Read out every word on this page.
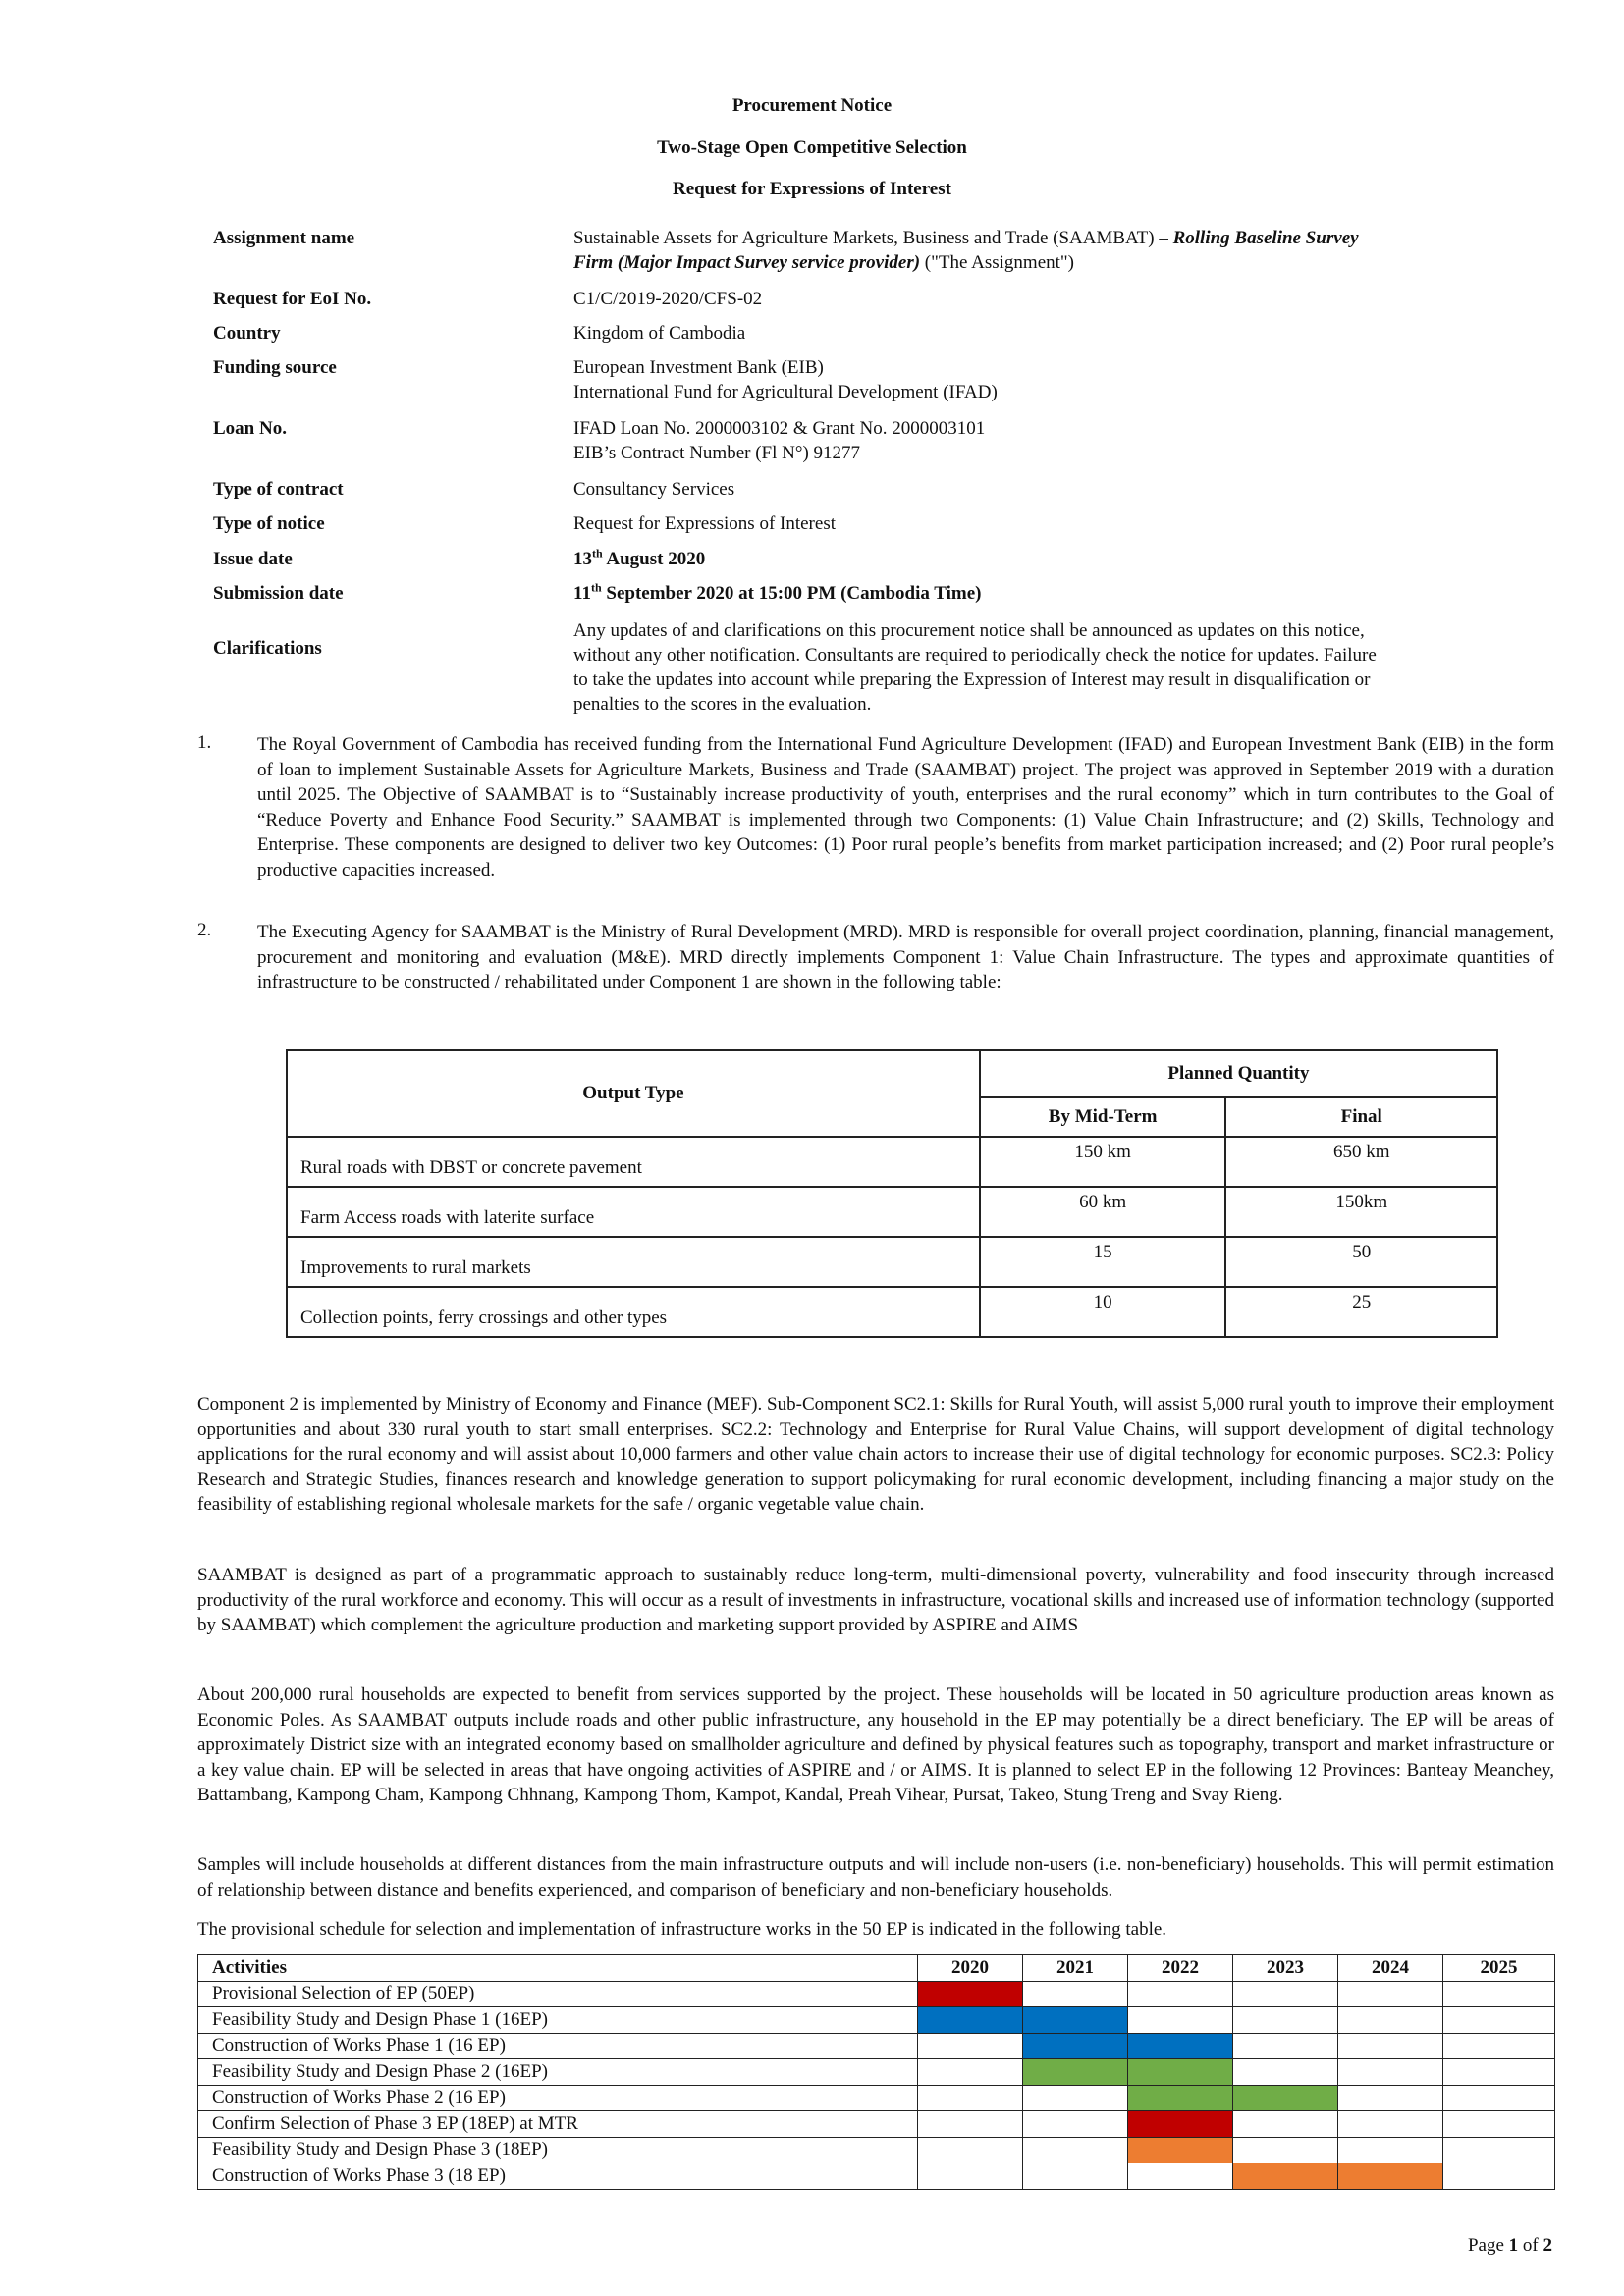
Procurement Notice
Two-Stage Open Competitive Selection
Request for Expressions of Interest
Assignment name	Sustainable Assets for Agriculture Markets, Business and Trade (SAAMBAT) – Rolling Baseline Survey
Firm (Major Impact Survey service provider) ("The Assignment")
Request for EoI No.	C1/C/2019-2020/CFS-02
Country	Kingdom of Cambodia
Funding source	European Investment Bank (EIB)
International Fund for Agricultural Development (IFAD)
Loan No.	IFAD Loan No. 2000003102 & Grant No. 2000003101
EIB’s Contract Number (Fl N°) 91277
Type of contract	Consultancy Services
Type of notice	Request for Expressions of Interest
Issue date	13th August 2020
Submission date	11th September 2020 at 15:00 PM (Cambodia Time)
Clarifications
Any updates of and clarifications on this procurement notice shall be announced as updates on this notice,
without any other notification. Consultants are required to periodically check the notice for updates. Failure
to take the updates into account while preparing the Expression of Interest may result in disqualification or
penalties to the scores in the evaluation.
1. The Royal Government of Cambodia has received funding from the International Fund Agriculture Development (IFAD) and European Investment Bank (EIB) in the form of loan to implement Sustainable Assets for Agriculture Markets, Business and Trade (SAAMBAT) project. The project was approved in September 2019 with a duration until 2025. The Objective of SAAMBAT is to “Sustainably increase productivity of youth, enterprises and the rural economy” which in turn contributes to the Goal of “Reduce Poverty and Enhance Food Security.” SAAMBAT is implemented through two Components: (1) Value Chain Infrastructure; and (2) Skills, Technology and Enterprise. These components are designed to deliver two key Outcomes: (1) Poor rural people’s benefits from market participation increased; and (2) Poor rural people’s productive capacities increased.
2. The Executing Agency for SAAMBAT is the Ministry of Rural Development (MRD). MRD is responsible for overall project coordination, planning, financial management, procurement and monitoring and evaluation (M&E). MRD directly implements Component 1: Value Chain Infrastructure. The types and approximate quantities of infrastructure to be constructed / rehabilitated under Component 1 are shown in the following table:
Output Type	Planned Quantity	
	By Mid-Term	Final
Rural roads with DBST or concrete pavement	150 km	650 km
Farm Access roads with laterite surface	60 km	150km
Improvements to rural markets	15	50
Collection points, ferry crossings and other types	10	25
Component 2 is implemented by Ministry of Economy and Finance (MEF). Sub-Component SC2.1: Skills for Rural Youth, will assist 5,000 rural youth to improve their employment opportunities and about 330 rural youth to start small enterprises. SC2.2: Technology and Enterprise for Rural Value Chains, will support development of digital technology applications for the rural economy and will assist about 10,000 farmers and other value chain actors to increase their use of digital technology for economic purposes. SC2.3: Policy Research and Strategic Studies, finances research and knowledge generation to support policymaking for rural economic development, including financing a major study on the feasibility of establishing regional wholesale markets for the safe / organic vegetable value chain.
SAAMBAT is designed as part of a programmatic approach to sustainably reduce long-term, multi-dimensional poverty, vulnerability and food insecurity through increased productivity of the rural workforce and economy. This will occur as a result of investments in infrastructure, vocational skills and increased use of information technology (supported by SAAMBAT) which complement the agriculture production and marketing support provided by ASPIRE and AIMS
About 200,000 rural households are expected to benefit from services supported by the project. These households will be located in 50 agriculture production areas known as Economic Poles. As SAAMBAT outputs include roads and other public infrastructure, any household in the EP may potentially be a direct beneficiary. The EP will be areas of approximately District size with an integrated economy based on smallholder agriculture and defined by physical features such as topography, transport and market infrastructure or a key value chain. EP will be selected in areas that have ongoing activities of ASPIRE and / or AIMS. It is planned to select EP in the following 12 Provinces: Banteay Meanchey, Battambang, Kampong Cham, Kampong Chhnang, Kampong Thom, Kampot, Kandal, Preah Vihear, Pursat, Takeo, Stung Treng and Svay Rieng.
Samples will include households at different distances from the main infrastructure outputs and will include non-users (i.e. non-beneficiary) households. This will permit estimation of relationship between distance and benefits experienced, and comparison of beneficiary and non-beneficiary households.
The provisional schedule for selection and implementation of infrastructure works in the 50 EP is indicated in the following table.
Activities	2020	2021	2022	2023	2024	2025
Provisional Selection of EP (50EP)						
Feasibility Study and Design Phase 1 (16EP)						
Construction of Works Phase 1 (16 EP)						
Feasibility Study and Design Phase 2 (16EP)						
Construction of Works Phase 2 (16 EP)						
Confirm Selection of Phase 3 EP (18EP) at MTR						
Feasibility Study and Design Phase 3 (18EP)						
Construction of Works Phase 3 (18 EP)						
Page 1 of 2
